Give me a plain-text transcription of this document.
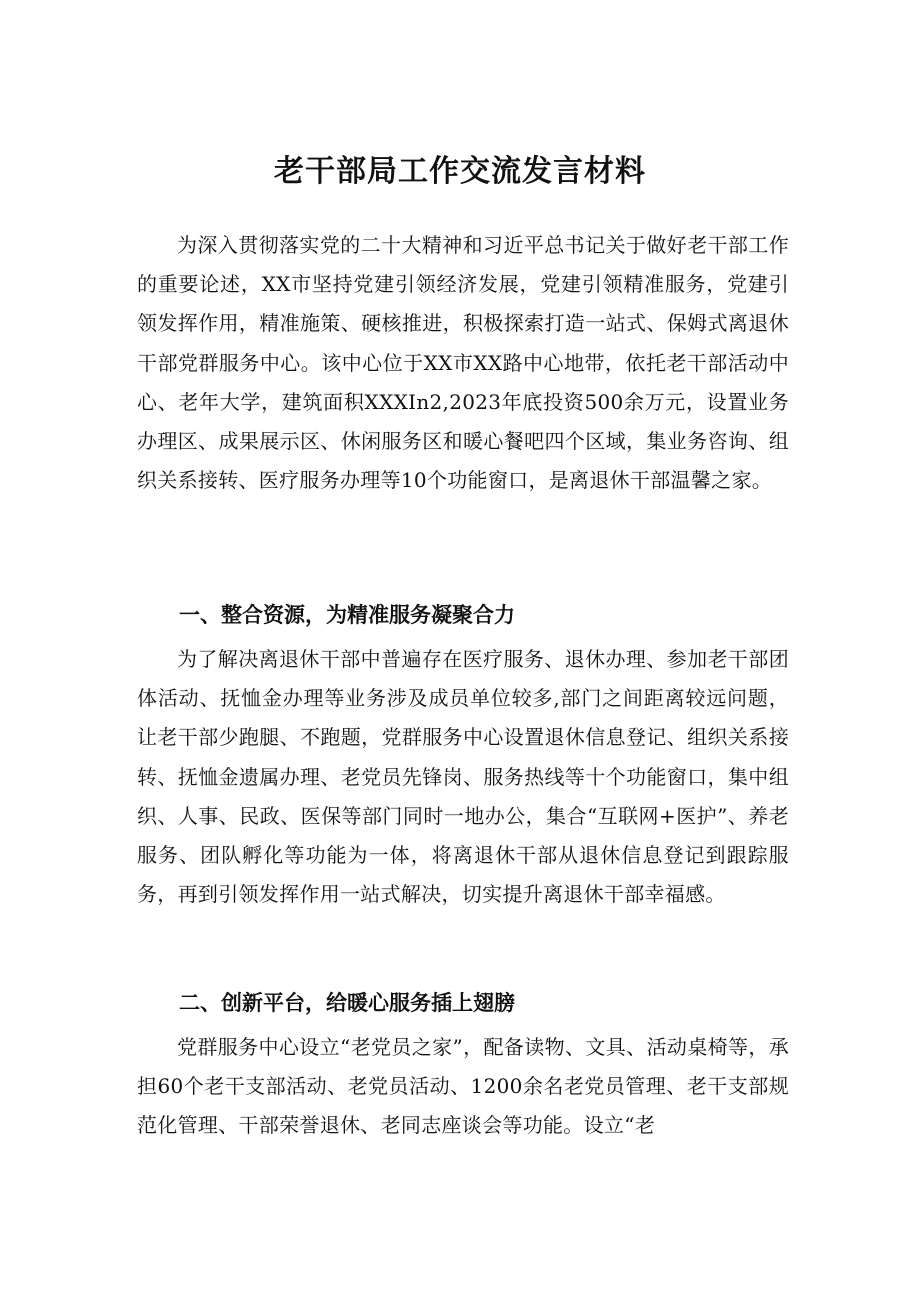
老干部局工作交流发言材料

为深入贯彻落实党的二十大精神和习近平总书记关于做好老干部工作的重要论述，XX市坚持党建引领经济发展，党建引领精准服务，党建引领发挥作用，精准施策、硬核推进，积极探索打造一站式、保姆式离退休干部党群服务中心。该中心位于XX市XX路中心地带，依托老干部活动中心、老年大学，建筑面积XXXIn2,2023年底投资500余万元，设置业务办理区、成果展示区、休闲服务区和暖心餐吧四个区域，集业务咨询、组织关系接转、医疗服务办理等10个功能窗口，是离退休干部温馨之家。

一、整合资源，为精准服务凝聚合力

为了解决离退休干部中普遍存在医疗服务、退休办理、参加老干部团体活动、抚恤金办理等业务涉及成员单位较多,部门之间距离较远问题，让老干部少跑腿、不跑题，党群服务中心设置退休信息登记、组织关系接转、抚恤金遗属办理、老党员先锋岗、服务热线等十个功能窗口，集中组织、人事、民政、医保等部门同时一地办公，集合“互联网+医护”、养老服务、团队孵化等功能为一体，将离退休干部从退休信息登记到跟踪服务，再到引领发挥作用一站式解决，切实提升离退休干部幸福感。

二、创新平台，给暖心服务插上翅膀

党群服务中心设立“老党员之家”，配备读物、文具、活动桌椅等，承担60个老干支部活动、老党员活动、1200余名老党员管理、老干支部规范化管理、干部荣誉退休、老同志座谈会等功能。设立“老
